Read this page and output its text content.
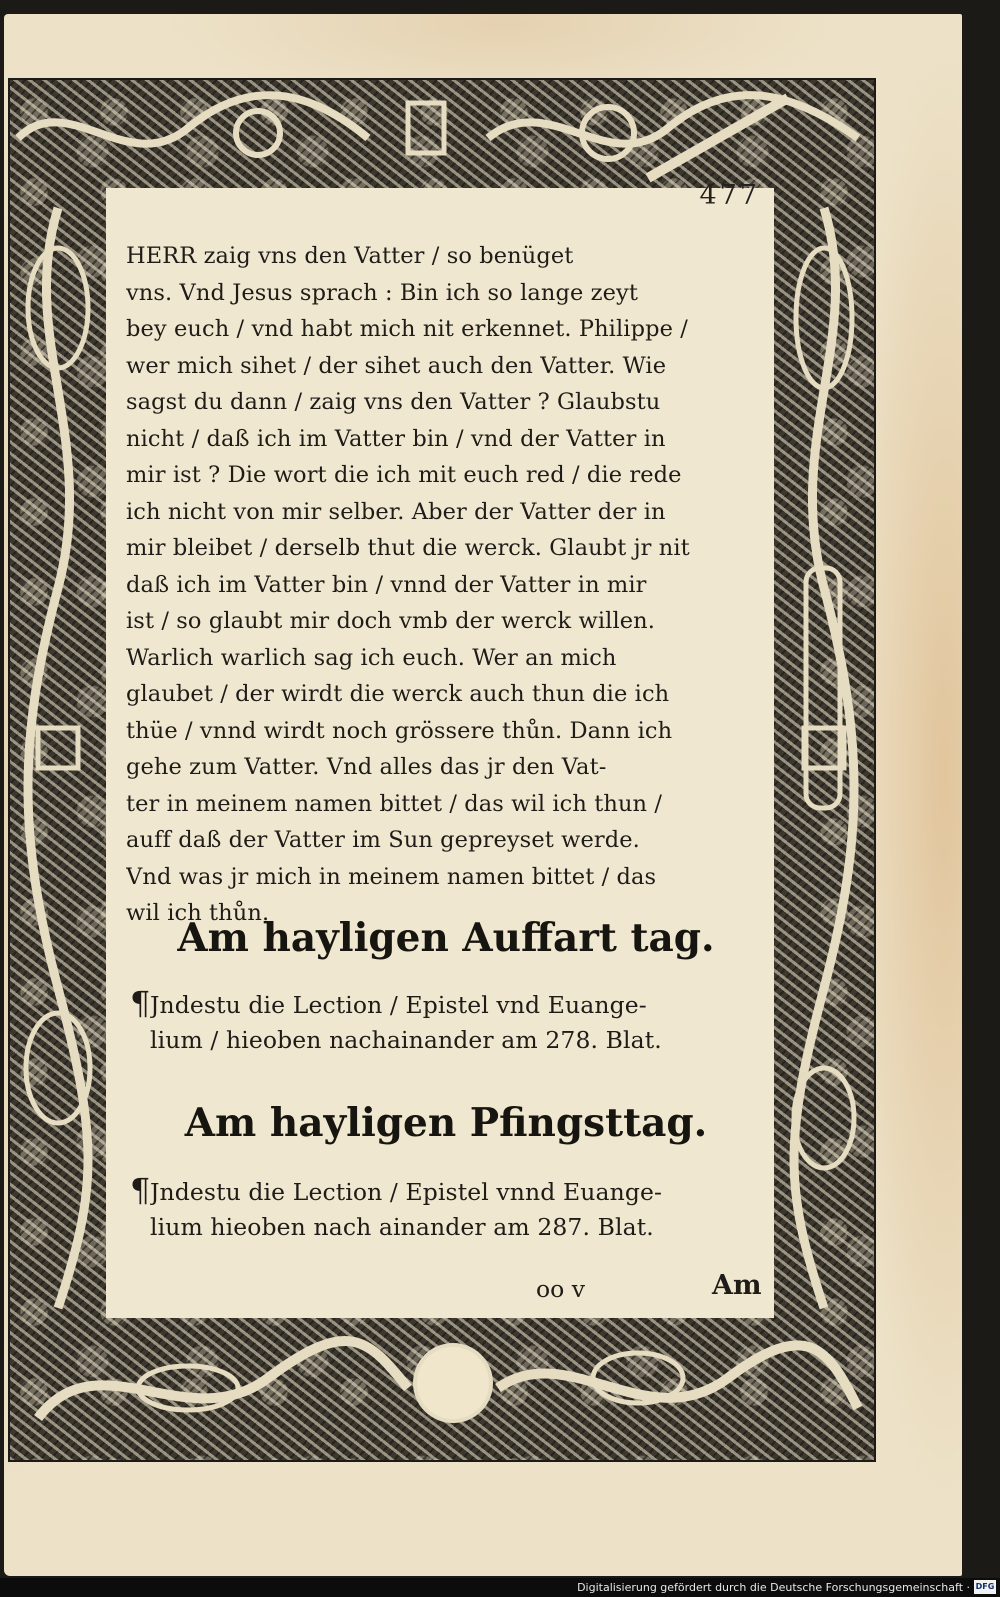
477
HERR zaig vns den Vatter / so benüget
vns. Vnd Jesus sprach : Bin ich so lange zeyt
bey euch / vnd habt mich nit erkennet. Philippe /
wer mich sihet / der sihet auch den Vatter. Wie
sagst du dann / zaig vns den Vatter ? Glaubstu
nicht / daß ich im Vatter bin / vnd der Vatter in
mir ist ? Die wort die ich mit euch red / die rede
ich nicht von mir selber. Aber der Vatter der in
mir bleibet / derselb thut die werck. Glaubt jr nit
daß ich im Vatter bin / vnnd der Vatter in mir
ist / so glaubt mir doch vmb der werck willen.
Warlich warlich sag ich euch. Wer an mich
glaubet / der wirdt die werck auch thun die ich
thüe / vnnd wirdt noch grössere thůn. Dann ich
gehe zum Vatter. Vnd alles das jr den Vat-
ter in meinem namen bittet / das wil ich thun /
auff daß der Vatter im Sun gepreyset werde.
Vnd was jr mich in meinem namen bittet / das
wil ich thůn.
Am hayligen Auffart tag.
¶ Jndestu die Lection / Epistel vnd Euange-
lium / hieoben nachainander am 278. Blat.
Am hayligen Pfingsttag.
¶ Jndestu die Lection / Epistel vnnd Euange-
lium hieoben nach ainander am 287. Blat.
oo v	Am
Digitalisierung gefördert durch die Deutsche Forschungsgemeinschaft · DFG
